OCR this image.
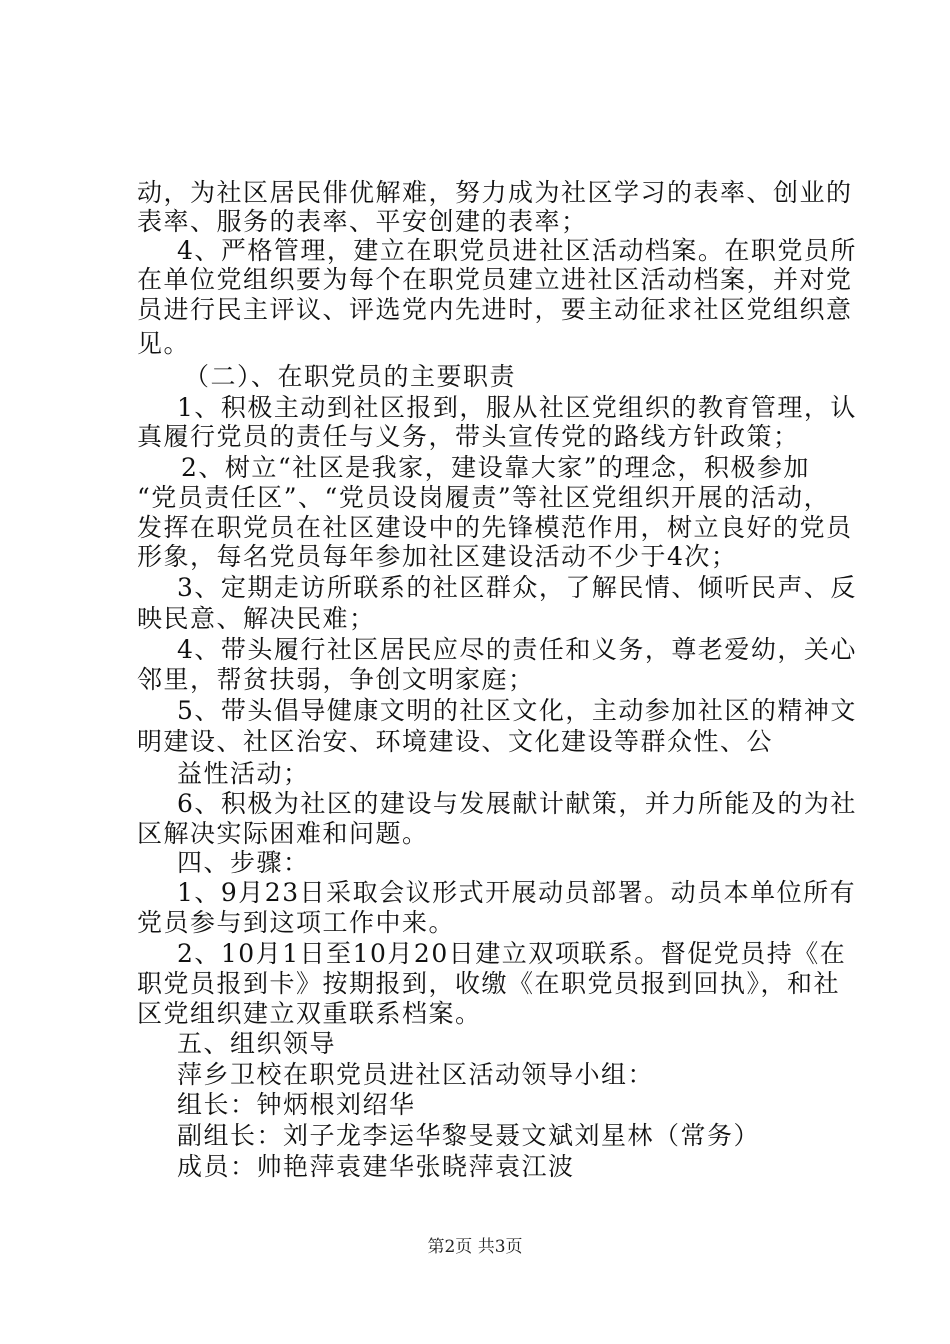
动，为社区居民俳优解难，努力成为社区学习的表率、创业的
表率、服务的表率、平安创建的表率；
4、严格管理，建立在职党员进社区活动档案。在职党员所
在单位党组织要为每个在职党员建立进社区活动档案，并对党
员进行民主评议、评选党内先进时，要主动征求社区党组织意
见。
（二）、在职党员的主要职责
1、积极主动到社区报到，服从社区党组织的教育管理，认
真履行党员的责任与义务，带头宣传党的路线方针政策；
2、树立“社区是我家，建设靠大家”的理念，积极参加
“党员责任区”、“党员设岗履责”等社区党组织开展的活动，
发挥在职党员在社区建设中的先锋模范作用，树立良好的党员
形象，每名党员每年参加社区建设活动不少于4次；
3、定期走访所联系的社区群众，了解民情、倾听民声、反
映民意、解决民难；
4、带头履行社区居民应尽的责任和义务，尊老爱幼，关心
邻里，帮贫扶弱，争创文明家庭；
5、带头倡导健康文明的社区文化，主动参加社区的精神文
明建设、社区治安、环境建设、文化建设等群众性、公
益性活动；
6、积极为社区的建设与发展献计献策，并力所能及的为社
区解决实际困难和问题。
四、步骤：
1、9月23日采取会议形式开展动员部署。动员本单位所有
党员参与到这项工作中来。
2、10月1日至10月20日建立双项联系。督促党员持《在
职党员报到卡》按期报到，收缴《在职党员报到回执》，和社
区党组织建立双重联系档案。
五、组织领导
萍乡卫校在职党员进社区活动领导小组：
组长：钟炳根刘绍华
副组长：刘子龙李运华黎旻聂文斌刘星林（常务）
成员：帅艳萍袁建华张晓萍袁江波
第2页 共3页
